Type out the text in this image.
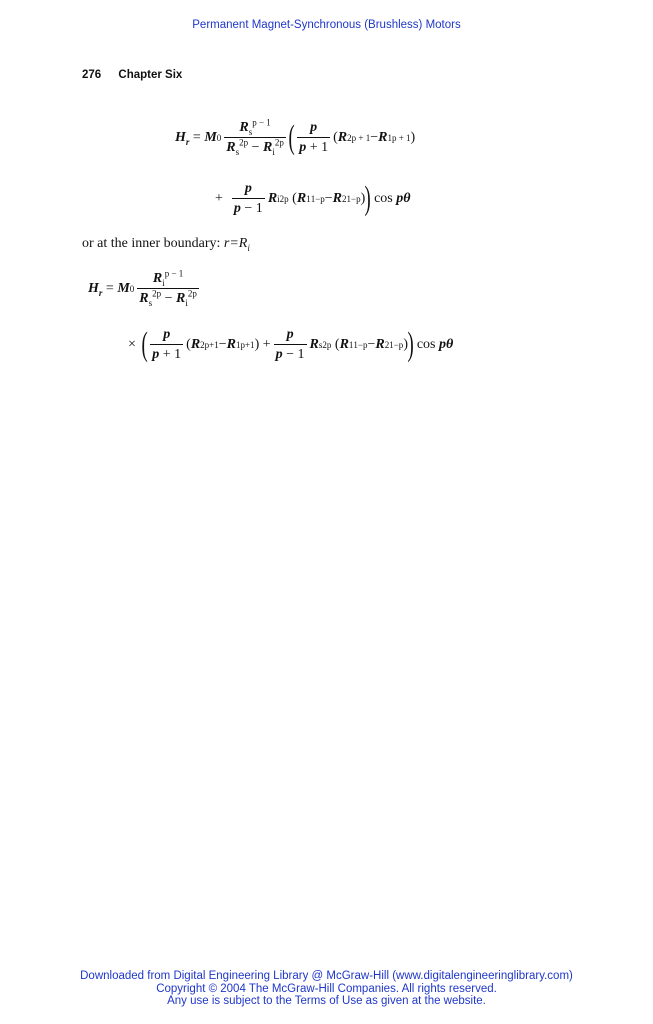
Permanent Magnet-Synchronous (Brushless) Motors
276 Chapter Six
$H_r = M$ $0 \frac{R_s^{p - 1}}{R_s^{2p} - R_i^{2p}}$ ( $\frac{p}{p + 1}$ ( R 2 p + 1 − R 1 p + 1 )
+ $\frac{p}{p - 1}$ R i 2p ( R 1 1−p − R 2 1−p ) ) cos pθ
or at the inner boundary: $r=R_i$
$H_r = M$ $0 \frac{R_i^{p - 1}}{R_s^{2p} - R_i^{2p}}$
× ( $\frac{p}{p + 1}$ ( R 2 p+1 − R 1 p+1 ) + $\frac{p}{p - 1}$ R s 2p ( R 1 1−p − R 2 1−p ) ) cos pθ
Downloaded from Digital Engineering Library @ McGraw-Hill (www.digitalengineeringlibrary.com)
Copyright © 2004 The McGraw-Hill Companies. All rights reserved.
Any use is subject to the Terms of Use as given at the website.
